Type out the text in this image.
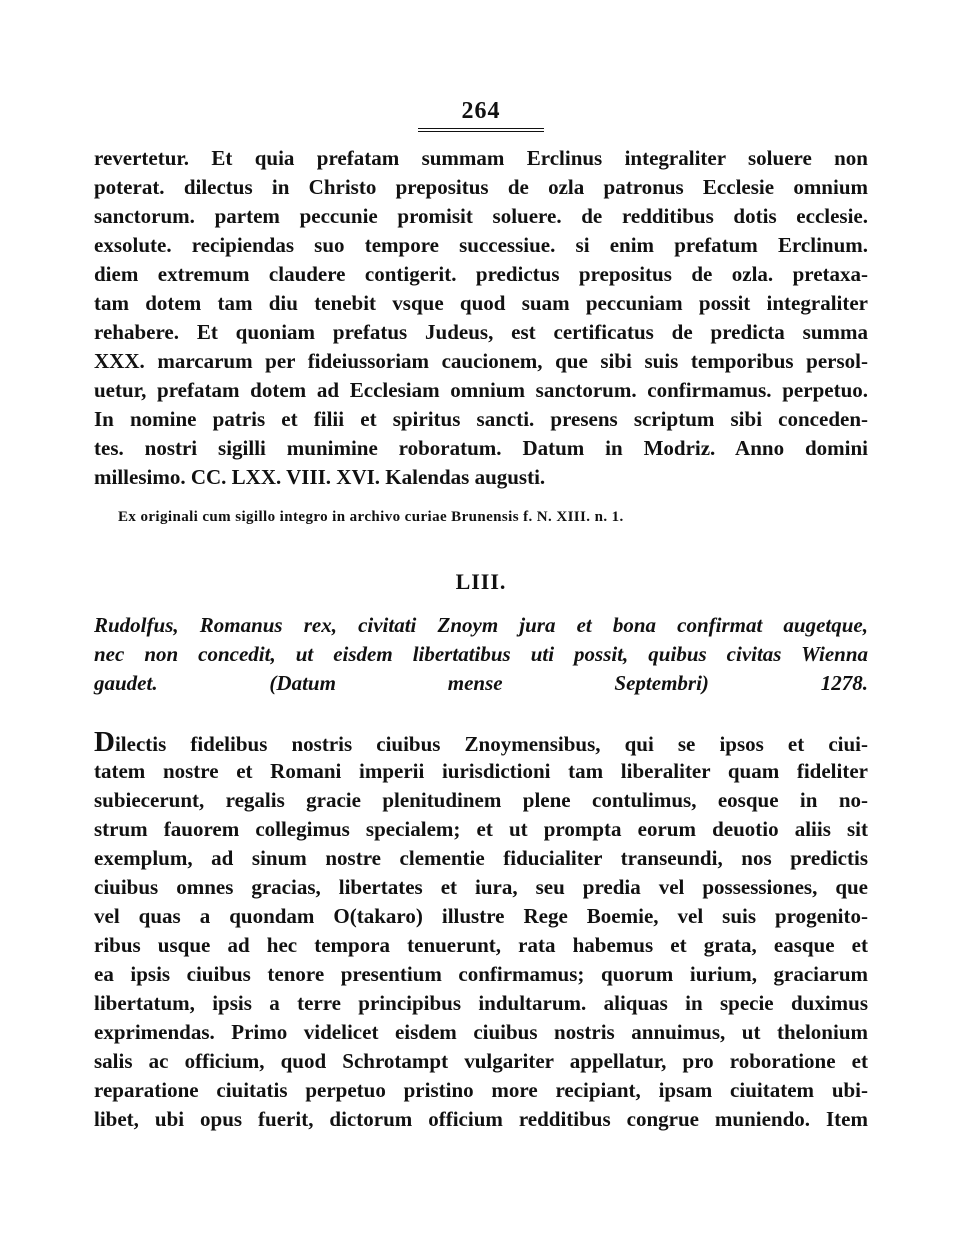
264
revertetur. Et quia prefatam summam Erclinus integraliter soluere non
poterat. dilectus in Christo prepositus de ozla patronus Ecclesie omnium
sanctorum. partem peccunie promisit soluere. de redditibus dotis ecclesie.
exsolute. recipiendas suo tempore successiue. si enim prefatum Erclinum.
diem extremum claudere contigerit. predictus prepositus de ozla. pretaxa-
tam dotem tam diu tenebit vsque quod suam peccuniam possit integraliter
rehabere. Et quoniam prefatus Judeus, est certificatus de predicta summa
XXX. marcarum per fideiussoriam caucionem, que sibi suis temporibus persol-
uetur, prefatam dotem ad Ecclesiam omnium sanctorum. confirmamus. perpetuo.
In nomine patris et filii et spiritus sancti. presens scriptum sibi conceden-
tes. nostri sigilli munimine roboratum. Datum in Modriz. Anno domini
millesimo. CC. LXX. VIII. XVI. Kalendas augusti.
Ex originali cum sigillo integro in archivo curiae Brunensis f. N. XIII. n. 1.
LIII.
Rudolfus, Romanus rex, civitati Znoym jura et bona confirmat augetque,
nec non concedit, ut eisdem libertatibus uti possit, quibus civitas Wienna
gaudet. (Datum mense Septembri) 1278.
Dilectis fidelibus nostris ciuibus Znoymensibus, qui se ipsos et ciui-
tatem nostre et Romani imperii iurisdictioni tam liberaliter quam fideliter
subiecerunt, regalis gracie plenitudinem plene contulimus, eosque in no-
strum fauorem collegimus specialem; et ut prompta eorum deuotio aliis sit
exemplum, ad sinum nostre clementie fiducialiter transeundi, nos predictis
ciuibus omnes gracias, libertates et iura, seu predia vel possessiones, que
vel quas a quondam O(takaro) illustre Rege Boemie, vel suis progenito-
ribus usque ad hec tempora tenuerunt, rata habemus et grata, easque et
ea ipsis ciuibus tenore presentium confirmamus; quorum iurium, graciarum
libertatum, ipsis a terre principibus indultarum. aliquas in specie duximus
exprimendas. Primo videlicet eisdem ciuibus nostris annuimus, ut thelonium
salis ac officium, quod Schrotampt vulgariter appellatur, pro roboratione et
reparatione ciuitatis perpetuo pristino more recipiant, ipsam ciuitatem ubi-
libet, ubi opus fuerit, dictorum officium redditibus congrue muniendo. Item
